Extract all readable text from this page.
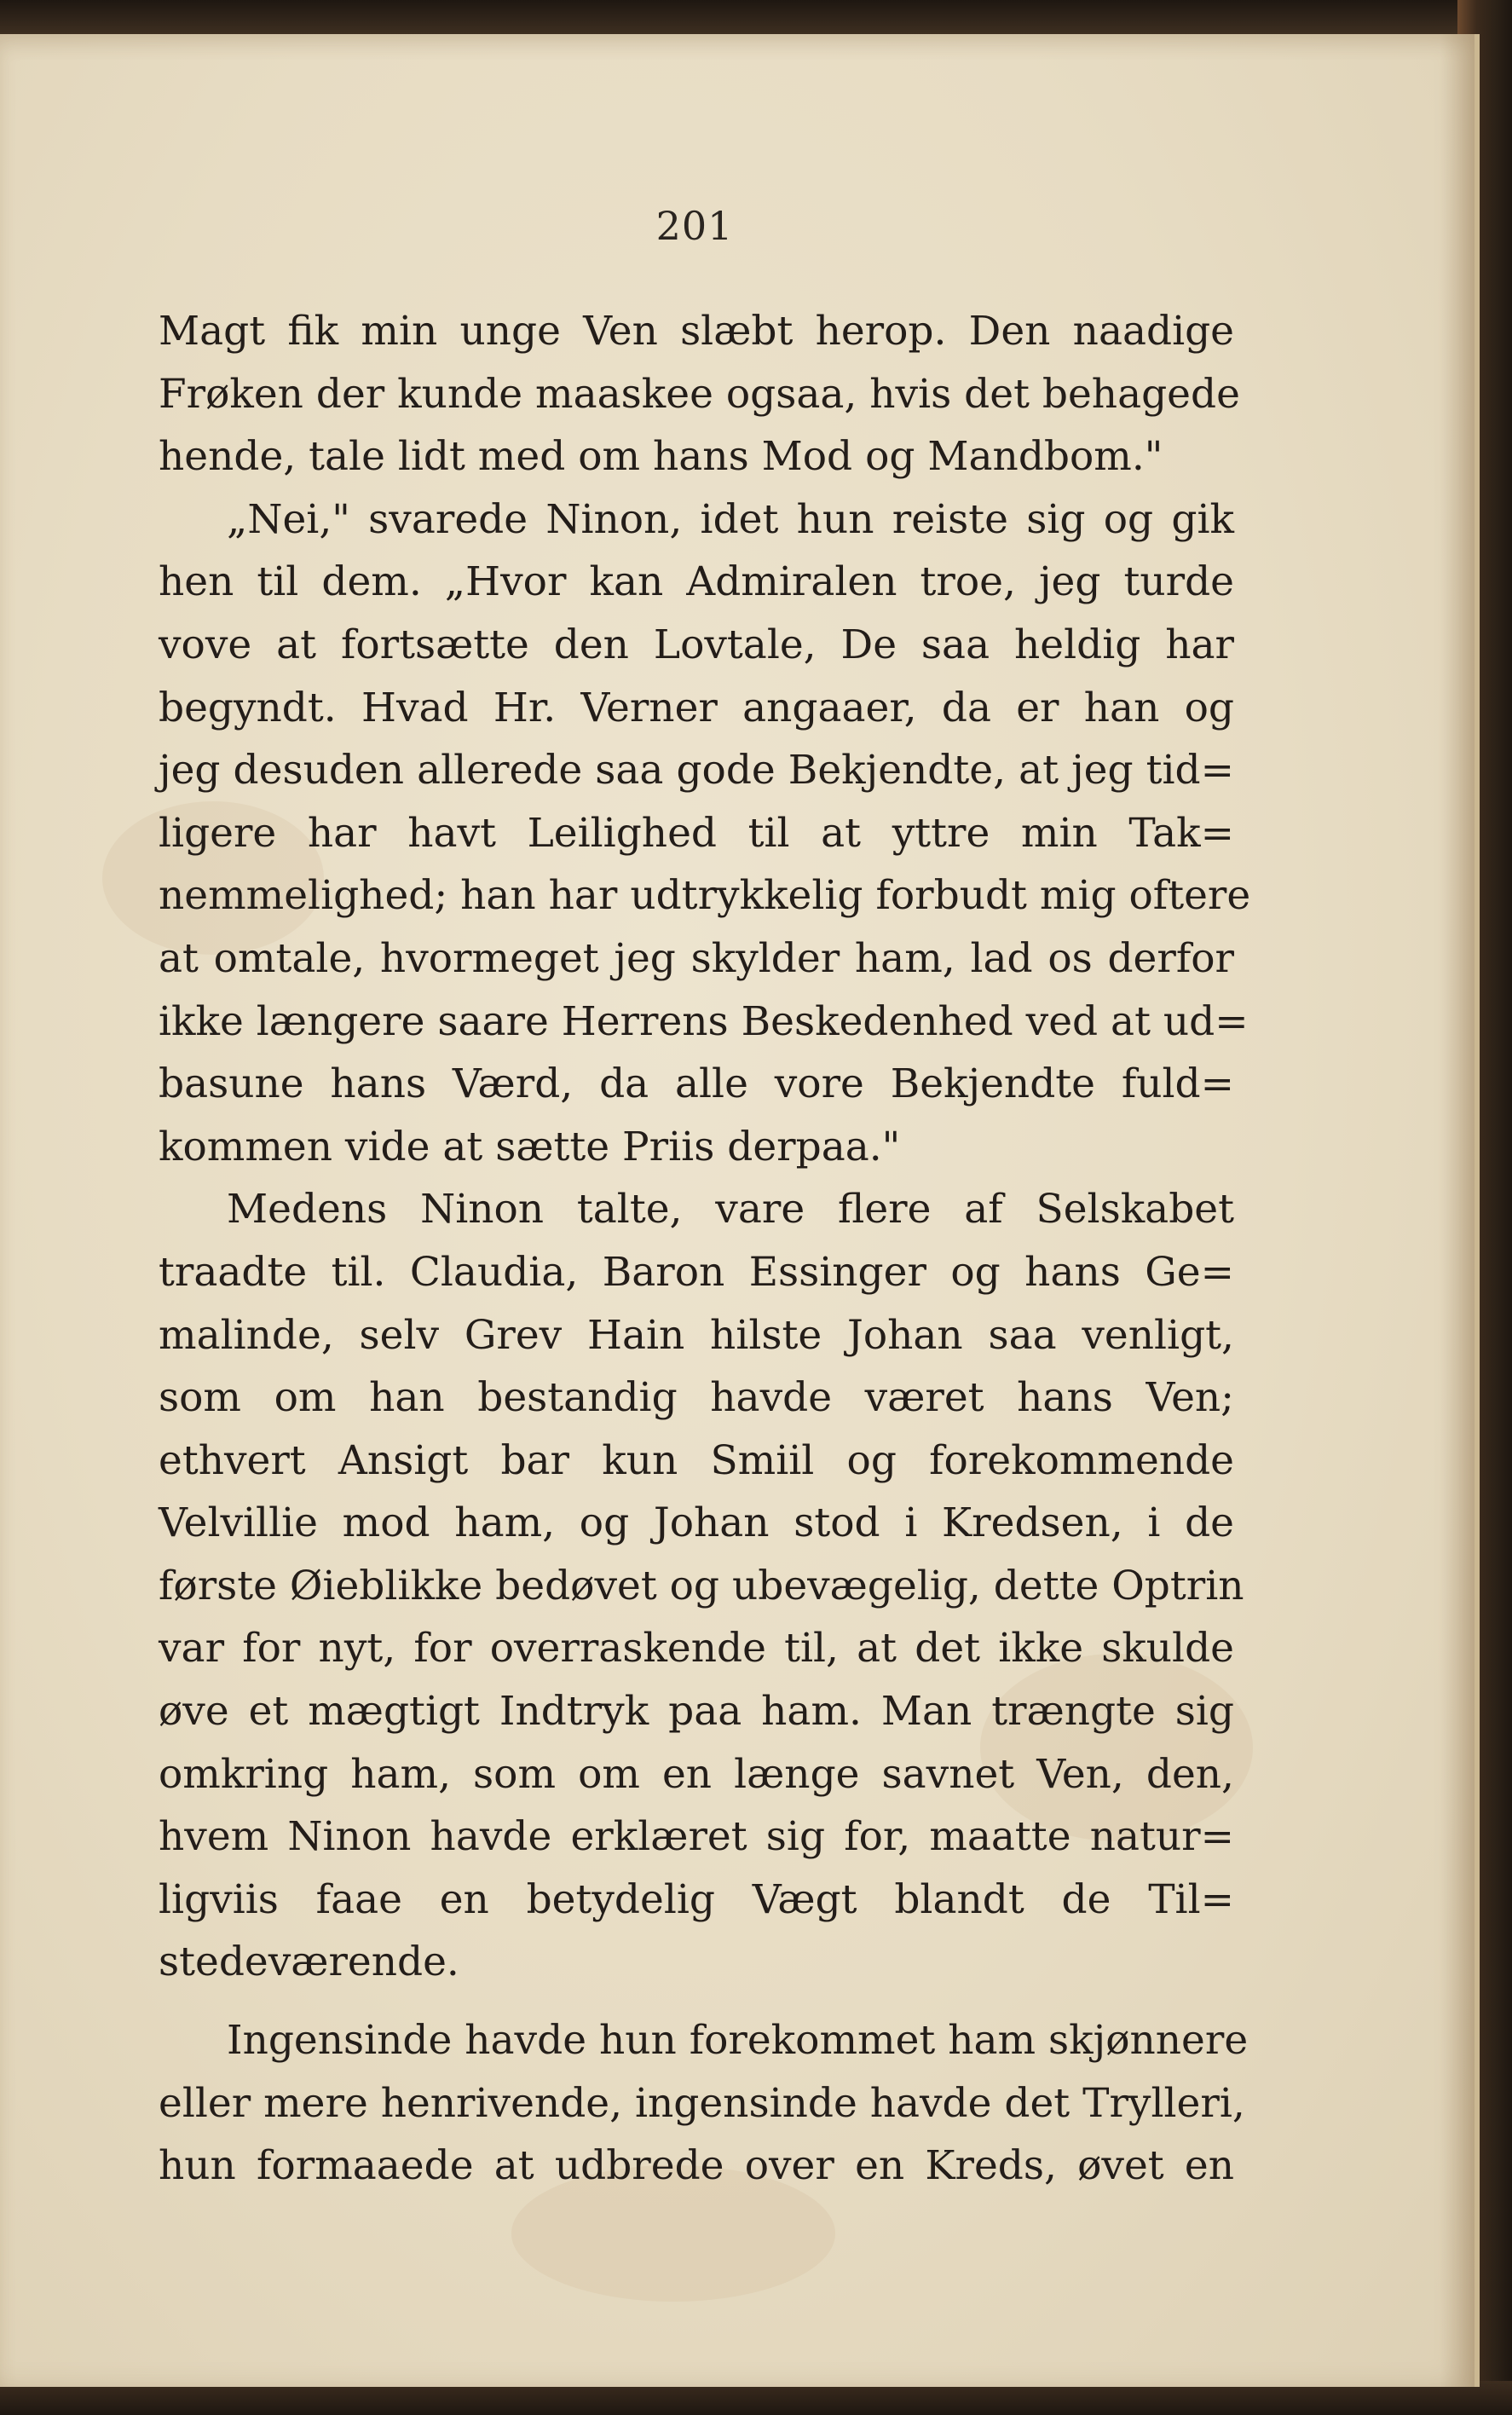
201
Magt fik min unge Ven slæbt herop. Den naadige
Frøken der kunde maaskee ogsaa, hvis det behagede
hende, tale lidt med om hans Mod og Mandbom."
„Nei," svarede Ninon, idet hun reiste sig og gik
hen til dem. „Hvor kan Admiralen troe, jeg turde
vove at fortsætte den Lovtale, De saa heldig har
begyndt. Hvad Hr. Verner angaaer, da er han og
jeg desuden allerede saa gode Bekjendte, at jeg tid=
ligere har havt Leilighed til at yttre min Tak=
nemmelighed; han har udtrykkelig forbudt mig oftere
at omtale, hvormeget jeg skylder ham, lad os derfor
ikke længere saare Herrens Beskedenhed ved at ud=
basune hans Værd, da alle vore Bekjendte fuld=
kommen vide at sætte Priis derpaa."
Medens Ninon talte, vare flere af Selskabet
traadte til. Claudia, Baron Essinger og hans Ge=
malinde, selv Grev Hain hilste Johan saa venligt,
som om han bestandig havde været hans Ven;
ethvert Ansigt bar kun Smiil og forekommende
Velvillie mod ham, og Johan stod i Kredsen, i de
første Øieblikke bedøvet og ubevægelig, dette Optrin
var for nyt, for overraskende til, at det ikke skulde
øve et mægtigt Indtryk paa ham. Man trængte sig
omkring ham, som om en længe savnet Ven, den,
hvem Ninon havde erklæret sig for, maatte natur=
ligviis faae en betydelig Vægt blandt de Til=
stedeværende.
Ingensinde havde hun forekommet ham skjønnere
eller mere henrivende, ingensinde havde det Trylleri,
hun formaaede at udbrede over en Kreds, øvet en
